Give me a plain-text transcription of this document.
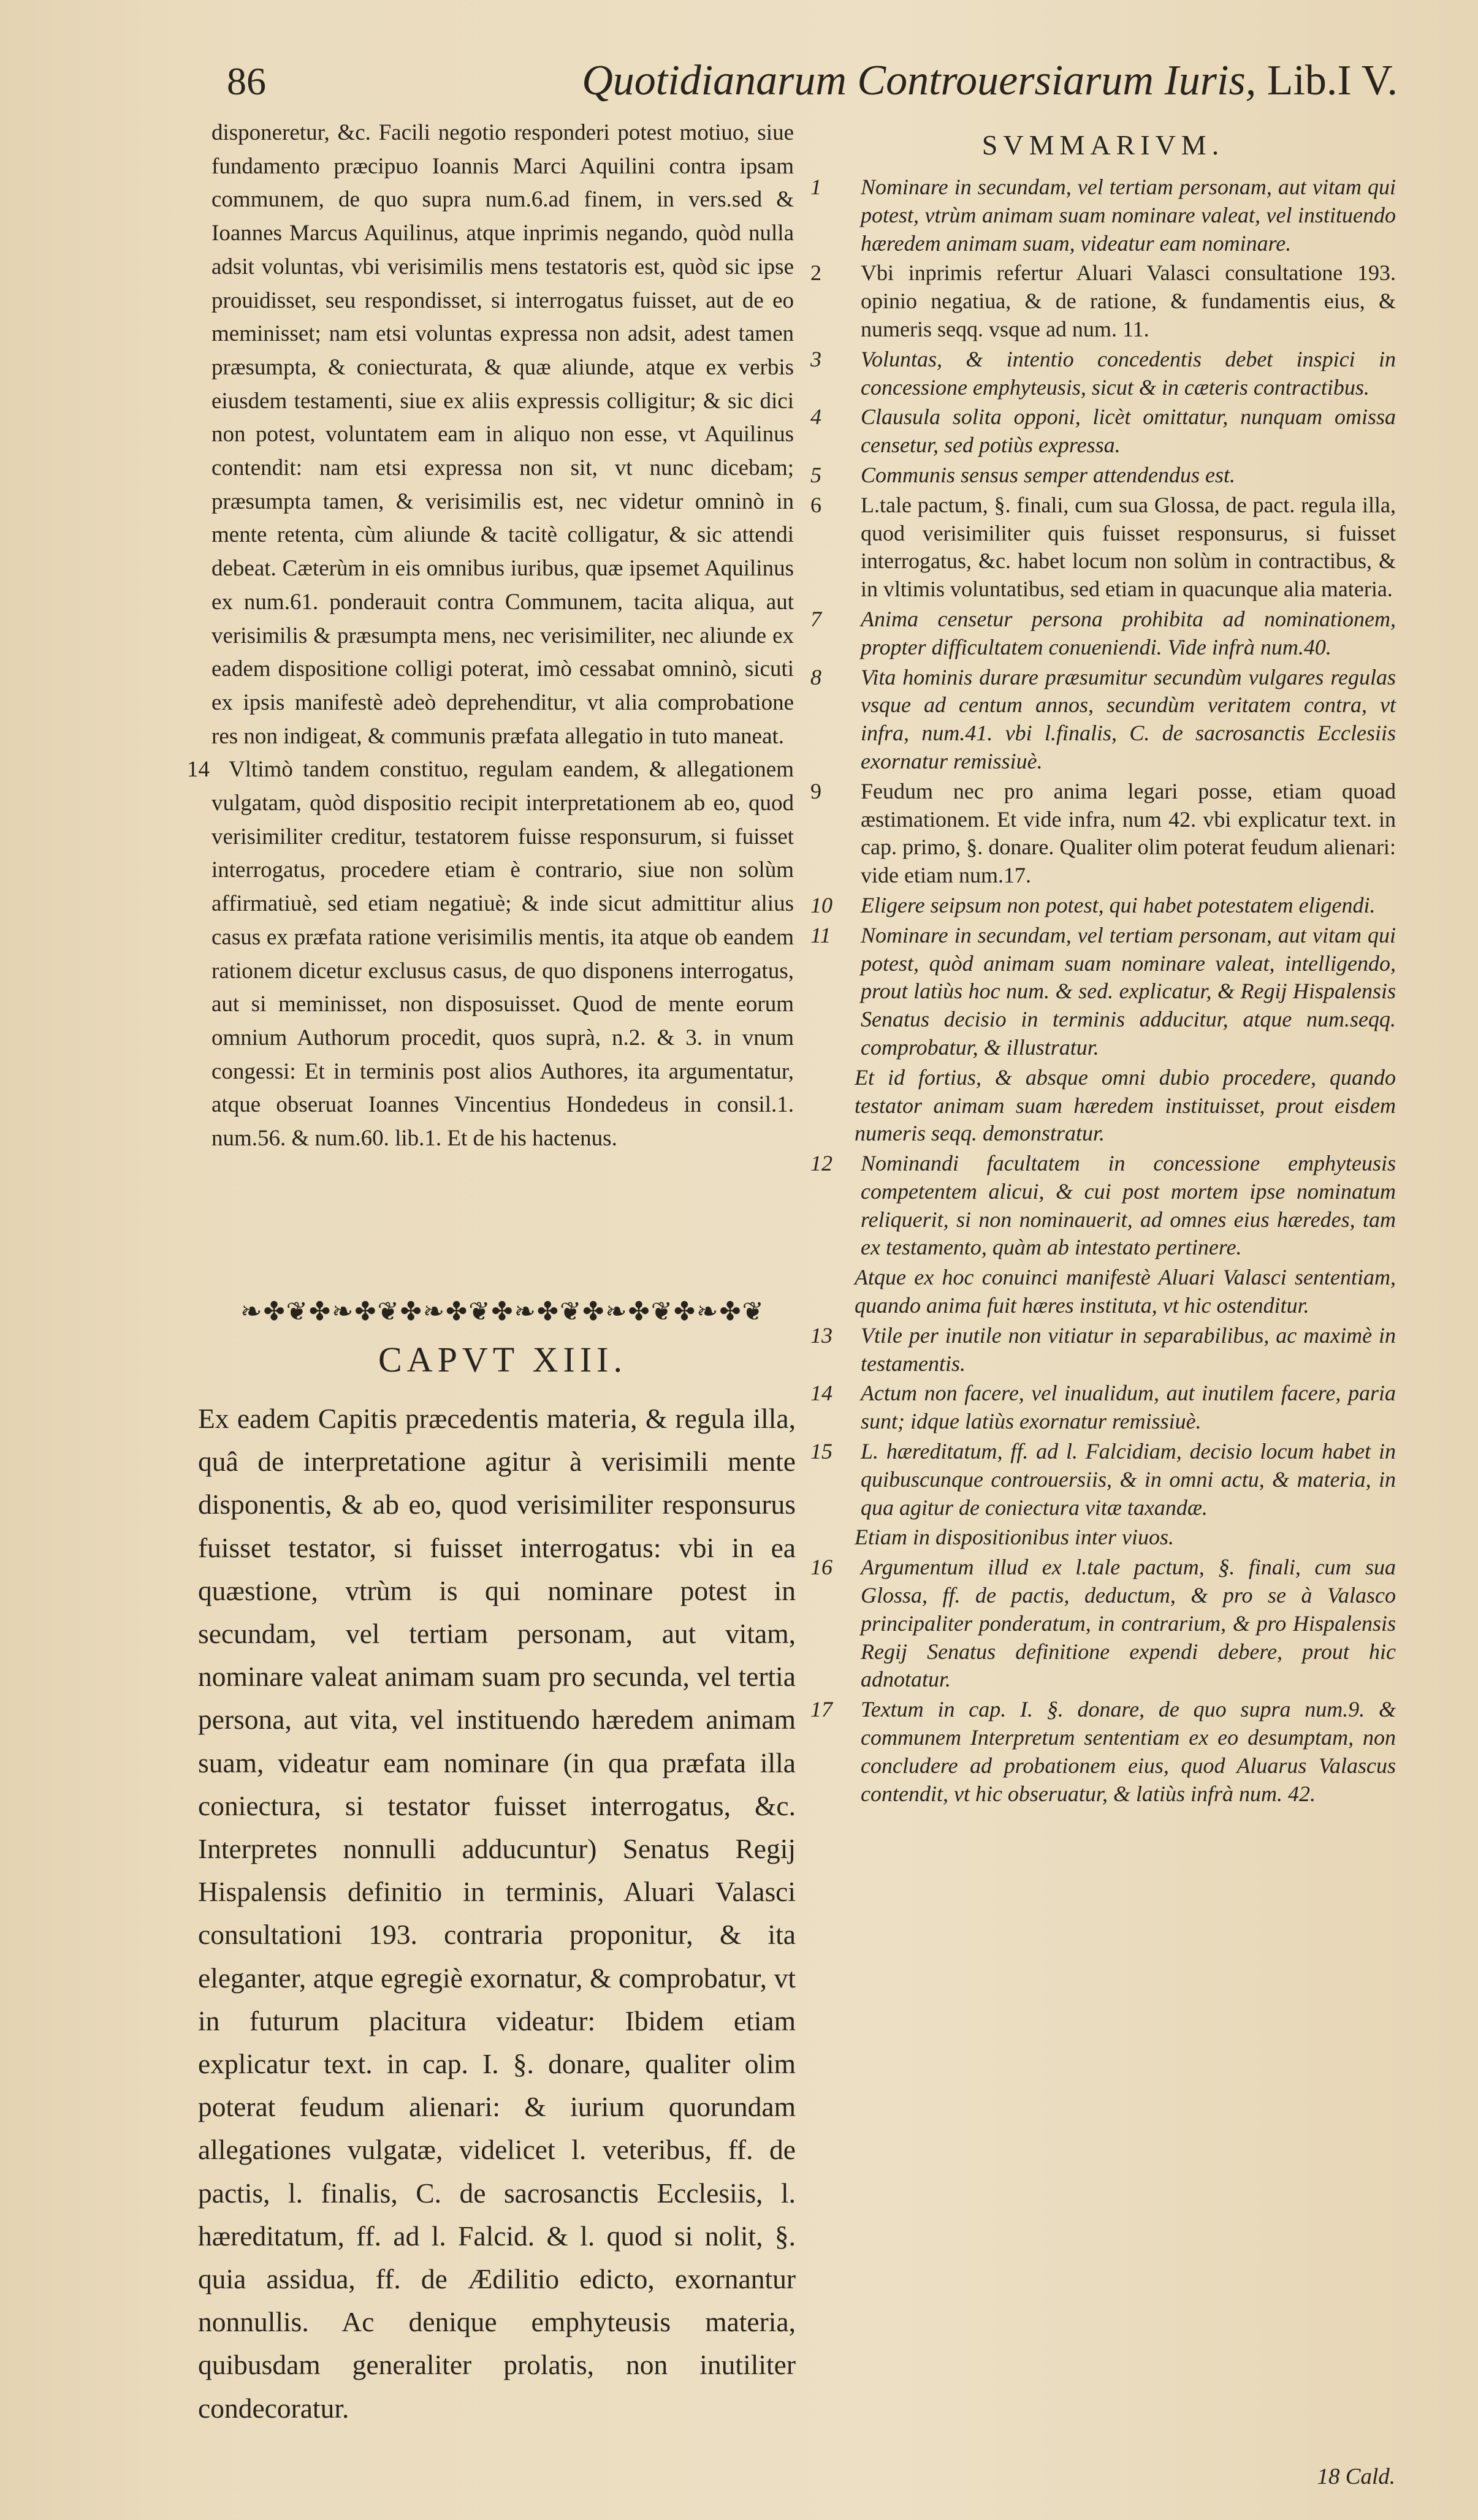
86	Quotidianarum Controuersiarum Iuris, Lib.I V.

disponeretur, &c. Facili negotio responderi potest motiuo, siue fundamento præcipuo Ioannis Marci Aquilini contra ipsam communem, de quo supra num.6.ad finem, in vers.sed & Ioannes Marcus Aquilinus, atque inprimis negando, quòd nulla adsit voluntas, vbi verisimilis mens testatoris est, quòd sic ipse prouidisset, seu respondisset, si interrogatus fuisset, aut de eo meminisset; nam etsi voluntas expressa non adsit, adest tamen præsumpta, & coniecturata, & quæ aliunde, atque ex verbis eiusdem testamenti, siue ex aliis expressis colligitur; & sic dici non potest, voluntatem eam in aliquo non esse, vt Aquilinus contendit: nam etsi expressa non sit, vt nunc dicebam; præsumpta tamen, & verisimilis est, nec videtur omninò in mente retenta, cùm aliunde & tacitè colligatur, & sic attendi debeat. Cæterùm in eis omnibus iuribus, quæ ipsemet Aquilinus ex num.61. ponderauit contra Communem, tacita aliqua, aut verisimilis & præsumpta mens, nec verisimiliter, nec aliunde ex eadem dispositione colligi poterat, imò cessabat omninò, sicuti ex ipsis manifestè adeò deprehenditur, vt alia comprobatione res non indigeat, & communis præfata allegatio in tuto maneat.

14 Vltimò tandem constituo, regulam eandem, & allegationem vulgatam, quòd dispositio recipit interpretationem ab eo, quod verisimiliter creditur, testatorem fuisse responsurum, si fuisset interrogatus, procedere etiam è contrario, siue non solùm affirmatiuè, sed etiam negatiuè; & inde sicut admittitur alius casus ex præfata ratione verisimilis mentis, ita atque ob eandem rationem dicetur exclusus casus, de quo disponens interrogatus, aut si meminisset, non disposuisset. Quod de mente eorum omnium Authorum procedit, quos suprà, n.2. & 3. in vnum congessi: Et in terminis post alios Authores, ita argumentatur, atque obseruat Ioannes Vincentius Hondedeus in consil.1. num.56. & num.60. lib.1. Et de his hactenus.

❧✤❦✤❧✤❦✤❧✤❦✤❧✤❦✤❧✤❦✤❧✤❦
CAPVT XIII.
Ex eadem Capitis præcedentis materia, & regula illa, quâ de interpretatione agitur à verisimili mente disponentis, & ab eo, quod verisimiliter responsurus fuisset testator, si fuisset interrogatus: vbi in ea quæstione, vtrùm is qui nominare potest in secundam, vel tertiam personam, aut vitam, nominare valeat animam suam pro secunda, vel tertia persona, aut vita, vel instituendo hæredem animam suam, videatur eam nominare (in qua præfata illa coniectura, si testator fuisset interrogatus, &c. Interpretes nonnulli adducuntur) Senatus Regij Hispalensis definitio in terminis, Aluari Valasci consultationi 193. contraria proponitur, & ita eleganter, atque egregiè exornatur, & comprobatur, vt in futurum placitura videatur: Ibidem etiam explicatur text. in cap. I. §. donare, qualiter olim poterat feudum alienari: & iurium quorundam allegationes vulgatæ, videlicet l. veteribus, ff. de pactis, l. finalis, C. de sacrosanctis Ecclesiis, l. hæreditatum, ff. ad l. Falcid. & l. quod si nolit, §. quia assidua, ff. de Ædilitio edicto, exornantur nonnullis. Ac denique emphyteusis materia, quibusdam generaliter prolatis, non inutiliter condecoratur.
SVMMARIVM.
1 Nominare in secundam, vel tertiam personam, aut vitam qui potest, vtrùm animam suam nominare valeat, vel instituendo hæredem animam suam, videatur eam nominare.
2 Vbi inprimis refertur Aluari Valasci consultatione 193. opinio negatiua, & de ratione, & fundamentis eius, & numeris seqq. vsque ad num. 11.
3 Voluntas, & intentio concedentis debet inspici in concessione emphyteusis, sicut & in cæteris contractibus.
4 Clausula solita opponi, licèt omittatur, nunquam omissa censetur, sed potiùs expressa.
5 Communis sensus semper attendendus est.
6 L.tale pactum, §. finali, cum sua Glossa, de pact. regula illa, quod verisimiliter quis fuisset responsurus, si fuisset interrogatus, &c. habet locum non solùm in contractibus, & in vltimis voluntatibus, sed etiam in quacunque alia materia.
7 Anima censetur persona prohibita ad nominationem, propter difficultatem conueniendi. Vide infrà num.40.
8 Vita hominis durare præsumitur secundùm vulgares regulas vsque ad centum annos, secundùm veritatem contra, vt infra, num.41. vbi l.finalis, C. de sacrosanctis Ecclesiis exornatur remissiuè.
9 Feudum nec pro anima legari posse, etiam quoad æstimationem. Et vide infra, num 42. vbi explicatur text. in cap. primo, §. donare. Qualiter olim poterat feudum alienari: vide etiam num.17.
10 Eligere seipsum non potest, qui habet potestatem eligendi.
11 Nominare in secundam, vel tertiam personam, aut vitam qui potest, quòd animam suam nominare valeat, intelligendo, prout latiùs hoc num. & sed. explicatur, & Regij Hispalensis Senatus decisio in terminis adducitur, atque num.seqq. comprobatur, & illustratur.
Et id fortius, & absque omni dubio procedere, quando testator animam suam hæredem instituisset, prout eisdem numeris seqq. demonstratur.
12 Nominandi facultatem in concessione emphyteusis competentem alicui, & cui post mortem ipse nominatum reliquerit, si non nominauerit, ad omnes eius hæredes, tam ex testamento, quàm ab intestato pertinere.
Atque ex hoc conuinci manifestè Aluari Valasci sententiam, quando anima fuit hæres instituta, vt hic ostenditur.
13 Vtile per inutile non vitiatur in separabilibus, ac maximè in testamentis.
14 Actum non facere, vel inualidum, aut inutilem facere, paria sunt; idque latiùs exornatur remissiuè.
15 L. hæreditatum, ff. ad l. Falcidiam, decisio locum habet in quibuscunque controuersiis, & in omni actu, & materia, in qua agitur de coniectura vitæ taxandæ.
Etiam in dispositionibus inter viuos.
16 Argumentum illud ex l.tale pactum, §. finali, cum sua Glossa, ff. de pactis, deductum, & pro se à Valasco principaliter ponderatum, in contrarium, & pro Hispalensis Regij Senatus definitione expendi debere, prout hic adnotatur.
17 Textum in cap. I. §. donare, de quo supra num.9. & communem Interpretum sententiam ex eo desumptam, non concludere ad probationem eius, quod Aluarus Valascus contendit, vt hic obseruatur, & latiùs infrà num. 42.
18 Cald.
